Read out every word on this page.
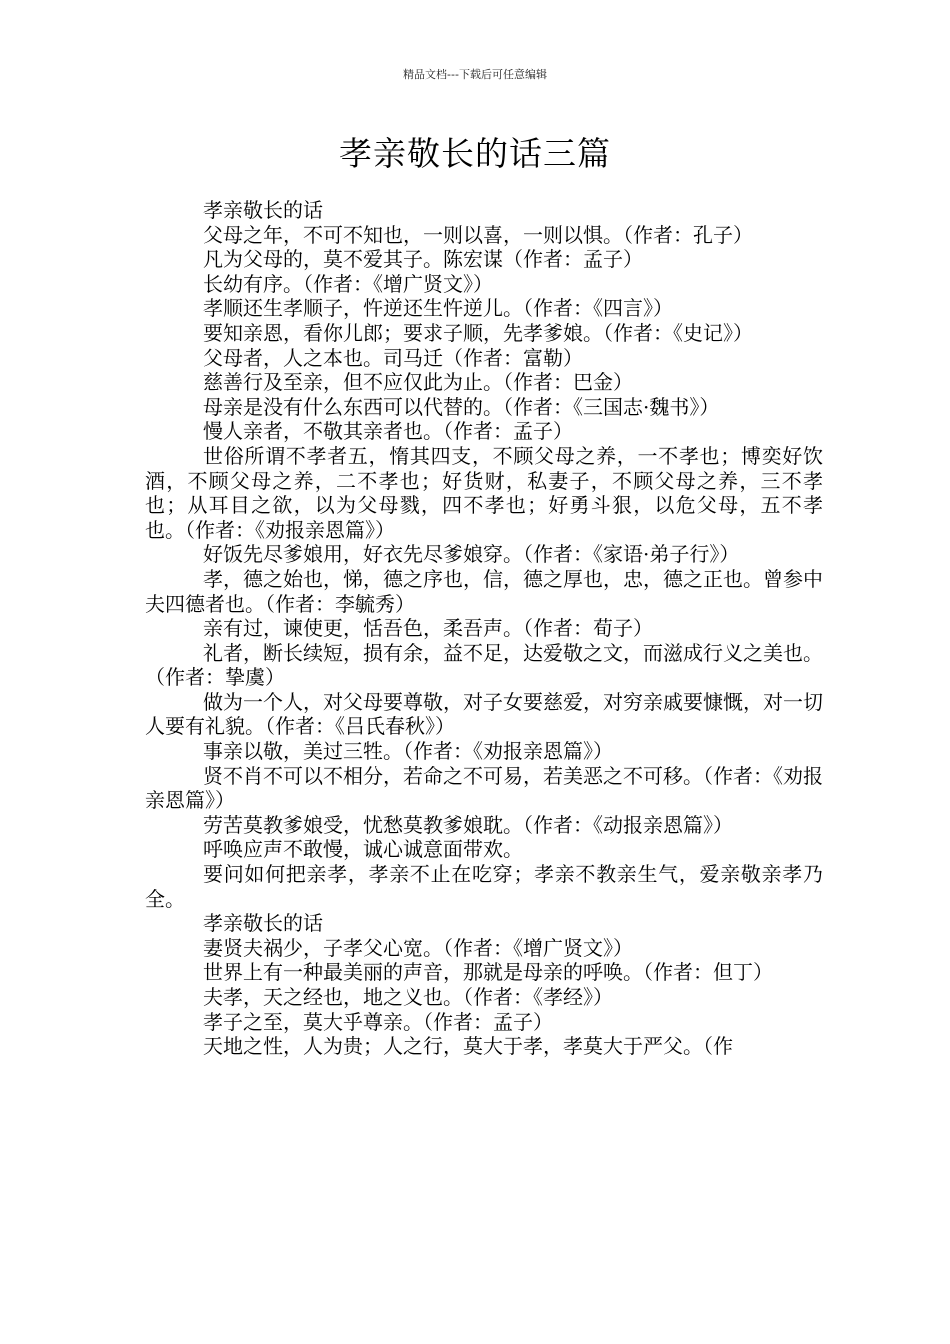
精品文档---下载后可任意编辑
孝亲敬长的话三篇

孝亲敬长的话

父母之年，不可不知也，一则以喜，一则以惧。（作者：孔子）

凡为父母的，莫不爱其子。陈宏谋（作者：孟子）

长幼有序。（作者：《增广贤文》）

孝顺还生孝顺子，忤逆还生忤逆儿。（作者：《四言》）

要知亲恩，看你儿郎；要求子顺，先孝爹娘。（作者：《史记》）

父母者，人之本也。司马迁（作者：富勒）

慈善行及至亲，但不应仅此为止。（作者：巴金）

母亲是没有什么东西可以代替的。（作者：《三国志·魏书》）

慢人亲者，不敬其亲者也。（作者：孟子）

世俗所谓不孝者五，惰其四支，不顾父母之养，一不孝也；博奕好饮酒，不顾父母之养，二不孝也；好货财，私妻子，不顾父母之养，三不孝也；从耳目之欲，以为父母戮，四不孝也；好勇斗狠，以危父母，五不孝也。（作者：《劝报亲恩篇》）

好饭先尽爹娘用，好衣先尽爹娘穿。（作者：《家语·弟子行》）

孝，德之始也，悌，德之序也，信，德之厚也，忠，德之正也。曾参中夫四德者也。（作者：李毓秀）

亲有过，谏使更，恬吾色，柔吾声。（作者：荀子）

礼者，断长续短，损有余，益不足，达爱敬之文，而滋成行义之美也。（作者：挚虞）

做为一个人，对父母要尊敬，对子女要慈爱，对穷亲戚要慷慨，对一切人要有礼貌。（作者：《吕氏春秋》）

事亲以敬，美过三牲。（作者：《劝报亲恩篇》）

贤不肖不可以不相分，若命之不可易，若美恶之不可移。（作者：《劝报亲恩篇》）

劳苦莫教爹娘受，忧愁莫教爹娘耽。（作者：《动报亲恩篇》）

呼唤应声不敢慢，诚心诚意面带欢。

要问如何把亲孝，孝亲不止在吃穿；孝亲不教亲生气，爱亲敬亲孝乃全。

孝亲敬长的话

妻贤夫祸少，子孝父心宽。（作者：《增广贤文》）

世界上有一种最美丽的声音，那就是母亲的呼唤。（作者：但丁）

夫孝，天之经也，地之义也。（作者：《孝经》）

孝子之至，莫大乎尊亲。（作者：孟子）

天地之性，人为贵；人之行，莫大于孝，孝莫大于严父。（作
